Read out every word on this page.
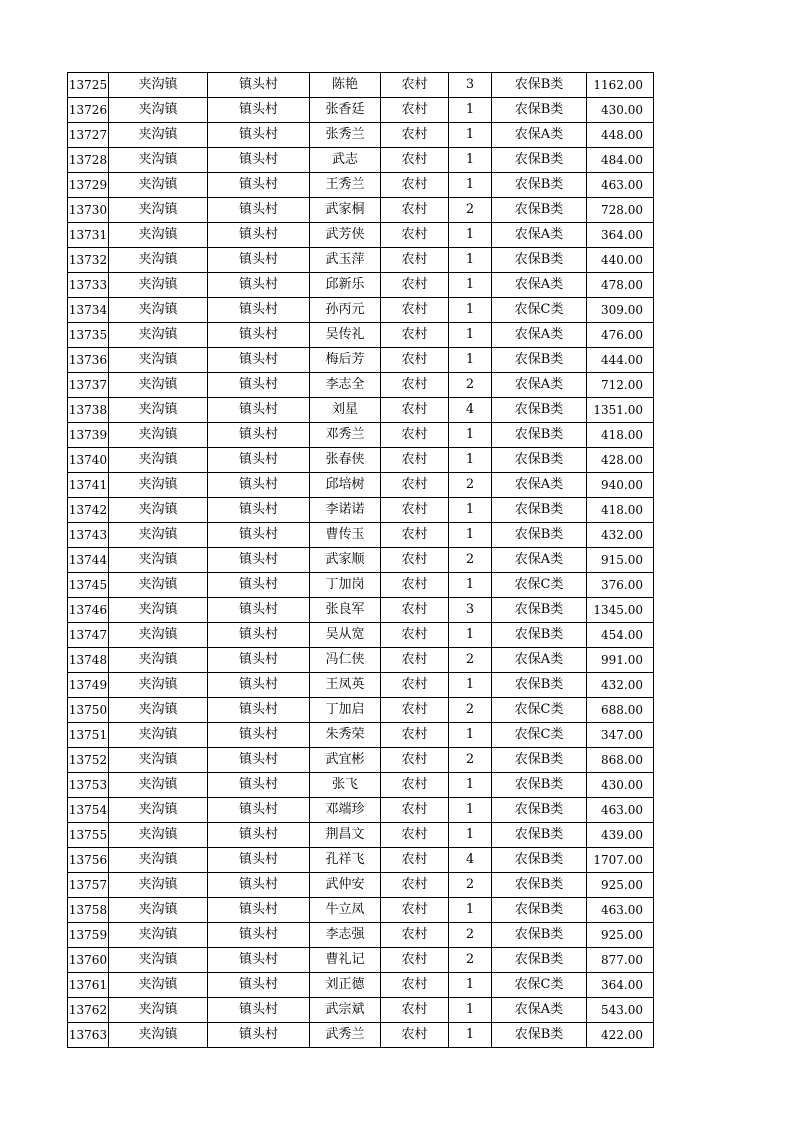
13725	夹沟镇	镇头村	陈艳	农村	3	农保B类	1162.00
13726	夹沟镇	镇头村	张香廷	农村	1	农保B类	430.00
13727	夹沟镇	镇头村	张秀兰	农村	1	农保A类	448.00
13728	夹沟镇	镇头村	武志	农村	1	农保B类	484.00
13729	夹沟镇	镇头村	王秀兰	农村	1	农保B类	463.00
13730	夹沟镇	镇头村	武家桐	农村	2	农保B类	728.00
13731	夹沟镇	镇头村	武芳侠	农村	1	农保A类	364.00
13732	夹沟镇	镇头村	武玉萍	农村	1	农保B类	440.00
13733	夹沟镇	镇头村	邱新乐	农村	1	农保A类	478.00
13734	夹沟镇	镇头村	孙丙元	农村	1	农保C类	309.00
13735	夹沟镇	镇头村	吴传礼	农村	1	农保A类	476.00
13736	夹沟镇	镇头村	梅后芳	农村	1	农保B类	444.00
13737	夹沟镇	镇头村	李志全	农村	2	农保A类	712.00
13738	夹沟镇	镇头村	刘星	农村	4	农保B类	1351.00
13739	夹沟镇	镇头村	邓秀兰	农村	1	农保B类	418.00
13740	夹沟镇	镇头村	张春侠	农村	1	农保B类	428.00
13741	夹沟镇	镇头村	邱培树	农村	2	农保A类	940.00
13742	夹沟镇	镇头村	李诺诺	农村	1	农保B类	418.00
13743	夹沟镇	镇头村	曹传玉	农村	1	农保B类	432.00
13744	夹沟镇	镇头村	武家顺	农村	2	农保A类	915.00
13745	夹沟镇	镇头村	丁加岗	农村	1	农保C类	376.00
13746	夹沟镇	镇头村	张良军	农村	3	农保B类	1345.00
13747	夹沟镇	镇头村	吴从宽	农村	1	农保B类	454.00
13748	夹沟镇	镇头村	冯仁侠	农村	2	农保A类	991.00
13749	夹沟镇	镇头村	王凤英	农村	1	农保B类	432.00
13750	夹沟镇	镇头村	丁加启	农村	2	农保C类	688.00
13751	夹沟镇	镇头村	朱秀荣	农村	1	农保C类	347.00
13752	夹沟镇	镇头村	武宜彬	农村	2	农保B类	868.00
13753	夹沟镇	镇头村	张飞	农村	1	农保B类	430.00
13754	夹沟镇	镇头村	邓端珍	农村	1	农保B类	463.00
13755	夹沟镇	镇头村	荆昌文	农村	1	农保B类	439.00
13756	夹沟镇	镇头村	孔祥飞	农村	4	农保B类	1707.00
13757	夹沟镇	镇头村	武仲安	农村	2	农保B类	925.00
13758	夹沟镇	镇头村	牛立凤	农村	1	农保B类	463.00
13759	夹沟镇	镇头村	李志强	农村	2	农保B类	925.00
13760	夹沟镇	镇头村	曹礼记	农村	2	农保B类	877.00
13761	夹沟镇	镇头村	刘正德	农村	1	农保C类	364.00
13762	夹沟镇	镇头村	武宗斌	农村	1	农保A类	543.00
13763	夹沟镇	镇头村	武秀兰	农村	1	农保B类	422.00
